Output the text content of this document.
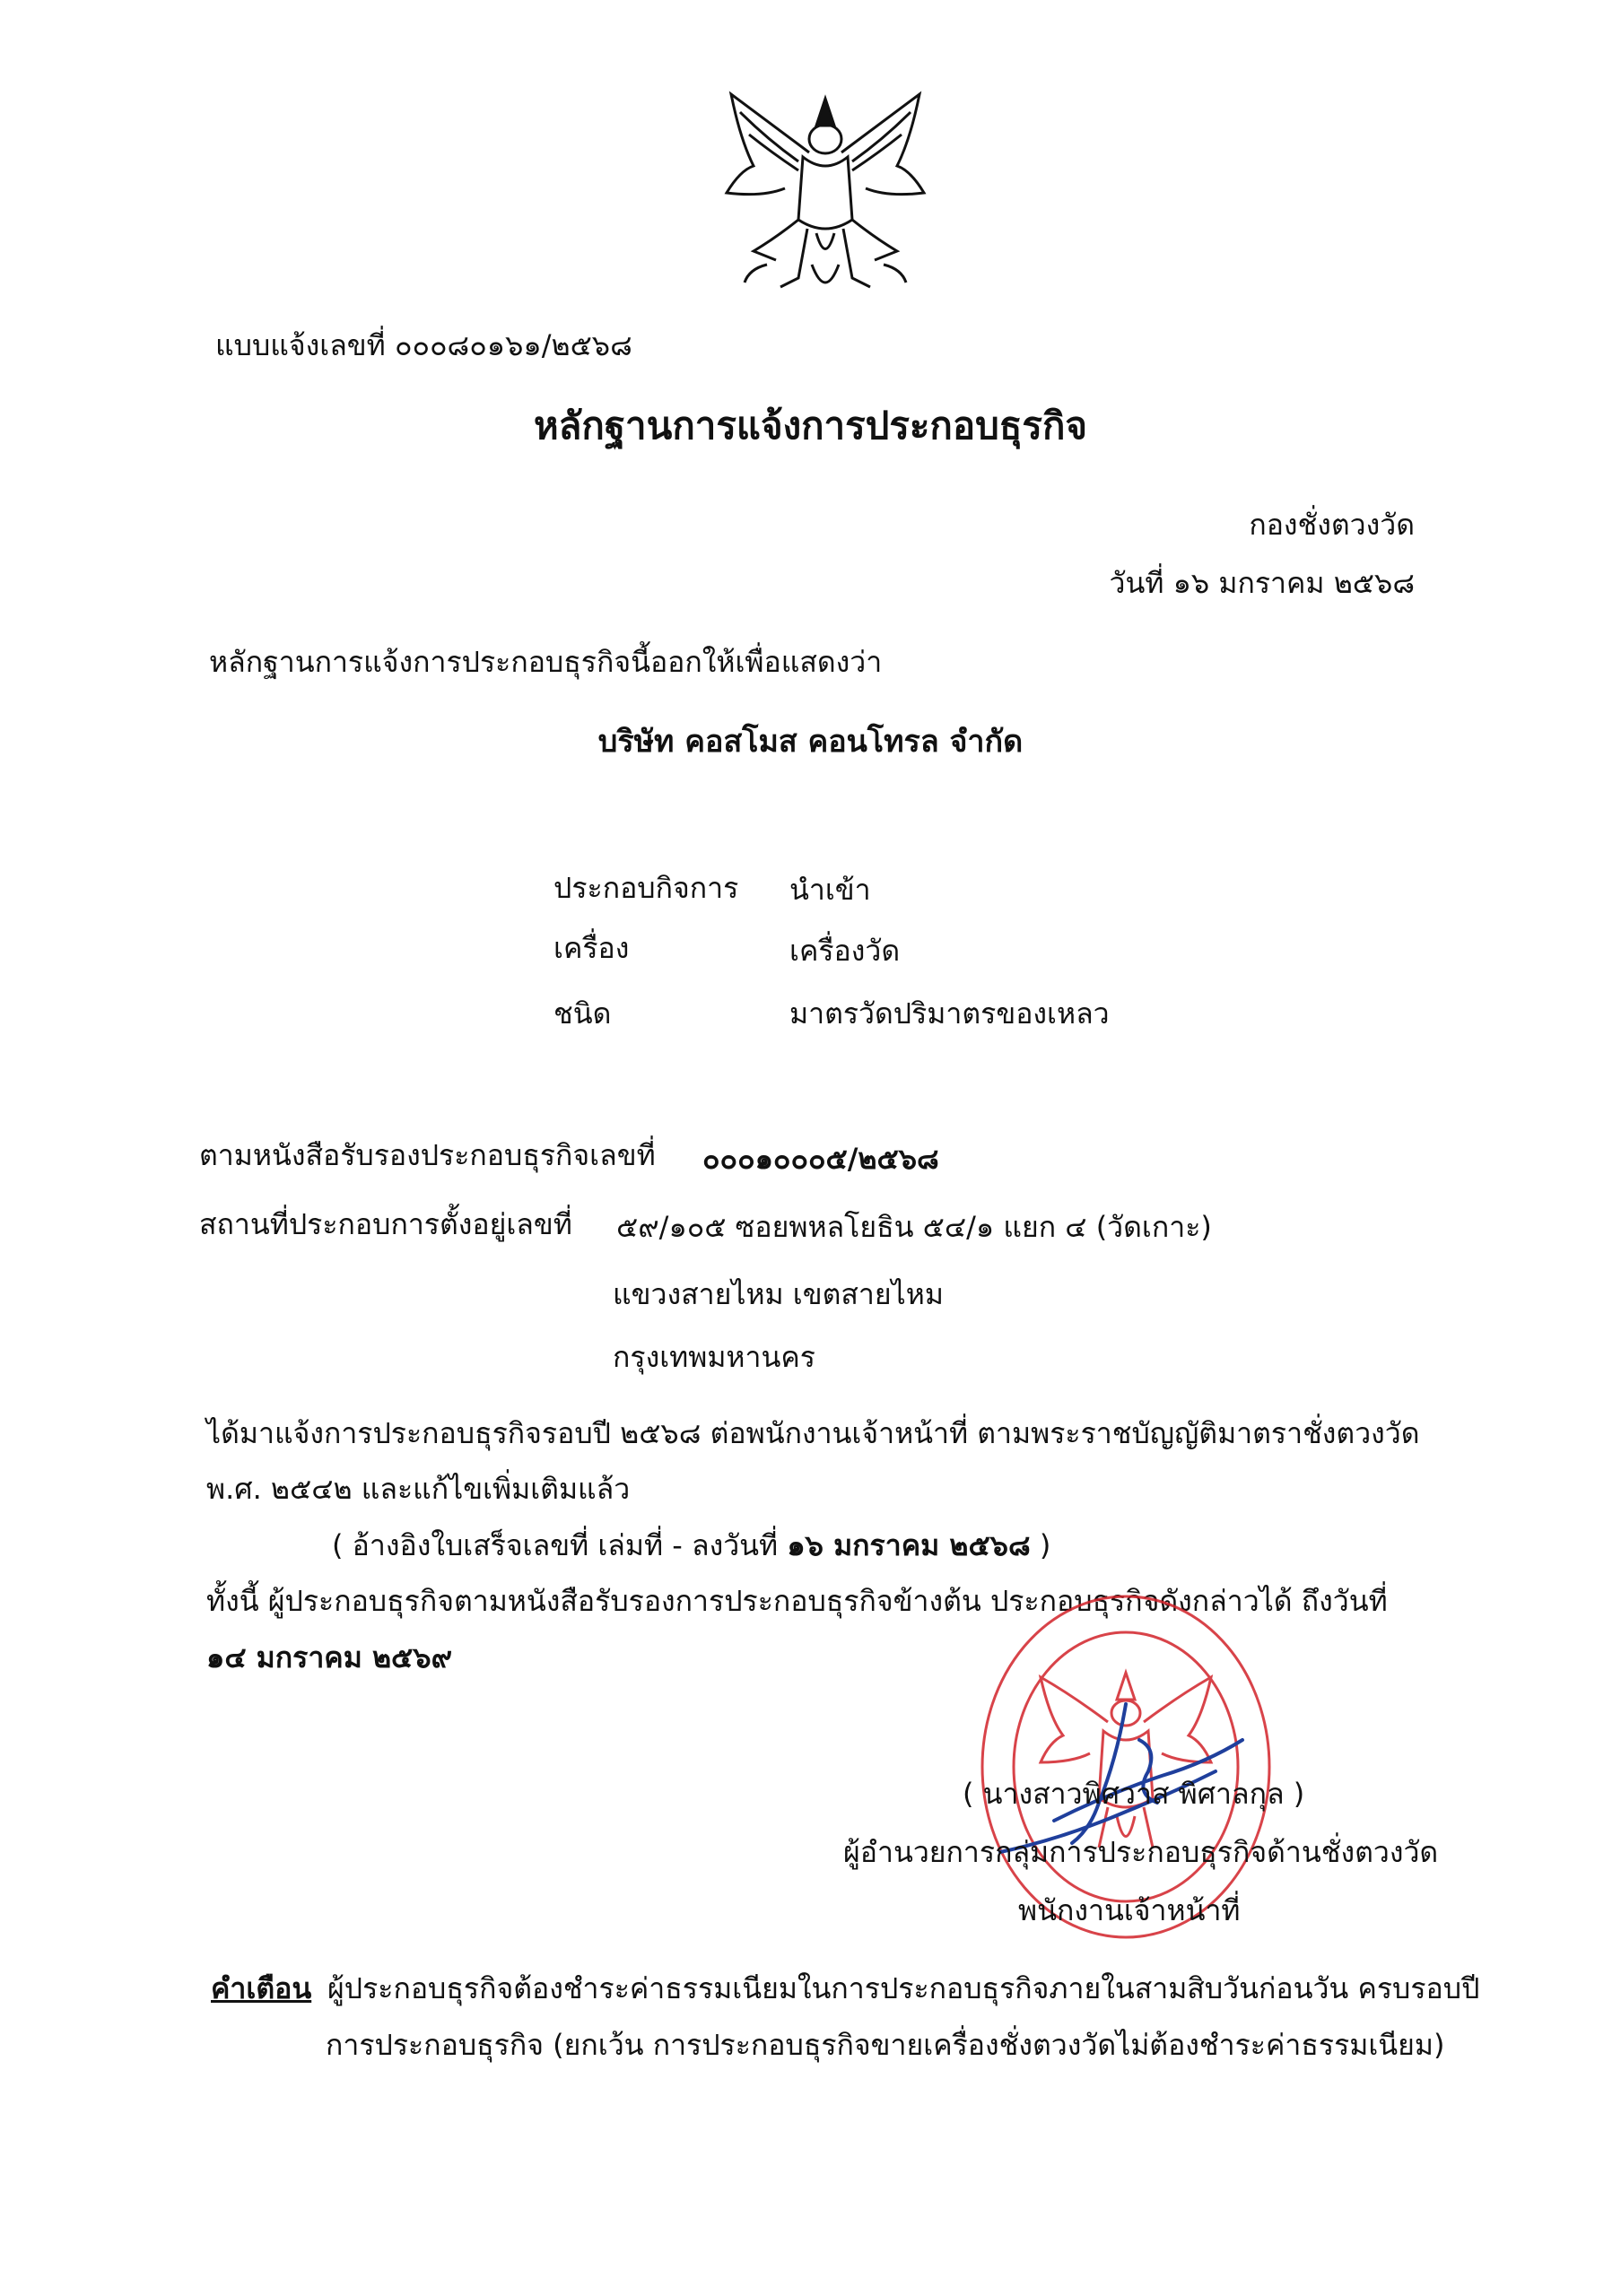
แบบแจ้งเลขที่ ๐๐๐๘๐๑๖๑/๒๕๖๘
หลักฐานการแจ้งการประกอบธุรกิจ
กองชั่งตวงวัด
วันที่ ๑๖ มกราคม ๒๕๖๘
หลักฐานการแจ้งการประกอบธุรกิจนี้ออกให้เพื่อแสดงว่า
บริษัท คอสโมส คอนโทรล จำกัด
ประกอบกิจการ นำเข้า
เครื่อง	เครื่องวัด
ชนิด	มาตรวัดปริมาตรของเหลว
ตามหนังสือรับรองประกอบธุรกิจเลขที่ ๐๐๐๑๐๐๐๕/๒๕๖๘
สถานที่ประกอบการตั้งอยู่เลขที่ ๕๙/๑๐๕ ซอยพหลโยธิน ๕๔/๑ แยก ๔ (วัดเกาะ)
แขวงสายไหม เขตสายไหม
กรุงเทพมหานคร
ได้มาแจ้งการประกอบธุรกิจรอบปี ๒๕๖๘ ต่อพนักงานเจ้าหน้าที่ ตามพระราชบัญญัติมาตราชั่งตวงวัด
พ.ศ. ๒๕๔๒ และแก้ไขเพิ่มเติมแล้ว
( อ้างอิงใบเสร็จเลขที่ เล่มที่ - ลงวันที่ ๑๖ มกราคม ๒๕๖๘ )
ทั้งนี้ ผู้ประกอบธุรกิจตามหนังสือรับรองการประกอบธุรกิจข้างต้น ประกอบธุรกิจดังกล่าวได้ ถึงวันที่
๑๔ มกราคม ๒๕๖๙
( นางสาวพิศวาส พิศาลกุล )
ผู้อำนวยการกลุ่มการประกอบธุรกิจด้านชั่งตวงวัด
พนักงานเจ้าหน้าที่
คำเตือน ผู้ประกอบธุรกิจต้องชำระค่าธรรมเนียมในการประกอบธุรกิจภายในสามสิบวันก่อนวัน ครบรอบปี
การประกอบธุรกิจ (ยกเว้น การประกอบธุรกิจขายเครื่องชั่งตวงวัดไม่ต้องชำระค่าธรรมเนียม)
